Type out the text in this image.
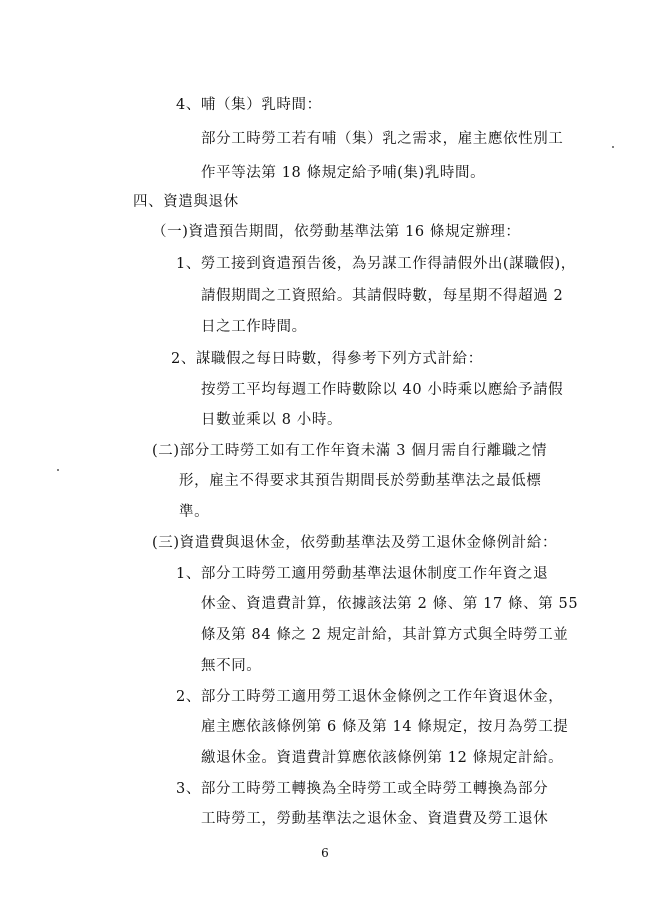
4、哺（集）乳時間：
部分工時勞工若有哺（集）乳之需求，雇主應依性別工
作平等法第 18 條規定給予哺(集)乳時間。
四、資遣與退休
（一)資遣預告期間，依勞動基準法第 16 條規定辦理：
1、勞工接到資遣預告後，為另謀工作得請假外出(謀職假)，
請假期間之工資照給。其請假時數，每星期不得超過 2
日之工作時間。
2、謀職假之每日時數，得參考下列方式計給：
按勞工平均每週工作時數除以 40 小時乘以應給予請假
日數並乘以 8 小時。
(二)部分工時勞工如有工作年資未滿 3 個月需自行離職之情
形，雇主不得要求其預告期間長於勞動基準法之最低標
準。
(三)資遣費與退休金，依勞動基準法及勞工退休金條例計給：
1、部分工時勞工適用勞動基準法退休制度工作年資之退
休金、資遣費計算，依據該法第 2 條、第 17 條、第 55
條及第 84 條之 2 規定計給，其計算方式與全時勞工並
無不同。
2、部分工時勞工適用勞工退休金條例之工作年資退休金，
雇主應依該條例第 6 條及第 14 條規定，按月為勞工提
繳退休金。資遣費計算應依該條例第 12 條規定計給。
3、部分工時勞工轉換為全時勞工或全時勞工轉換為部分
工時勞工，勞動基準法之退休金、資遣費及勞工退休
6
